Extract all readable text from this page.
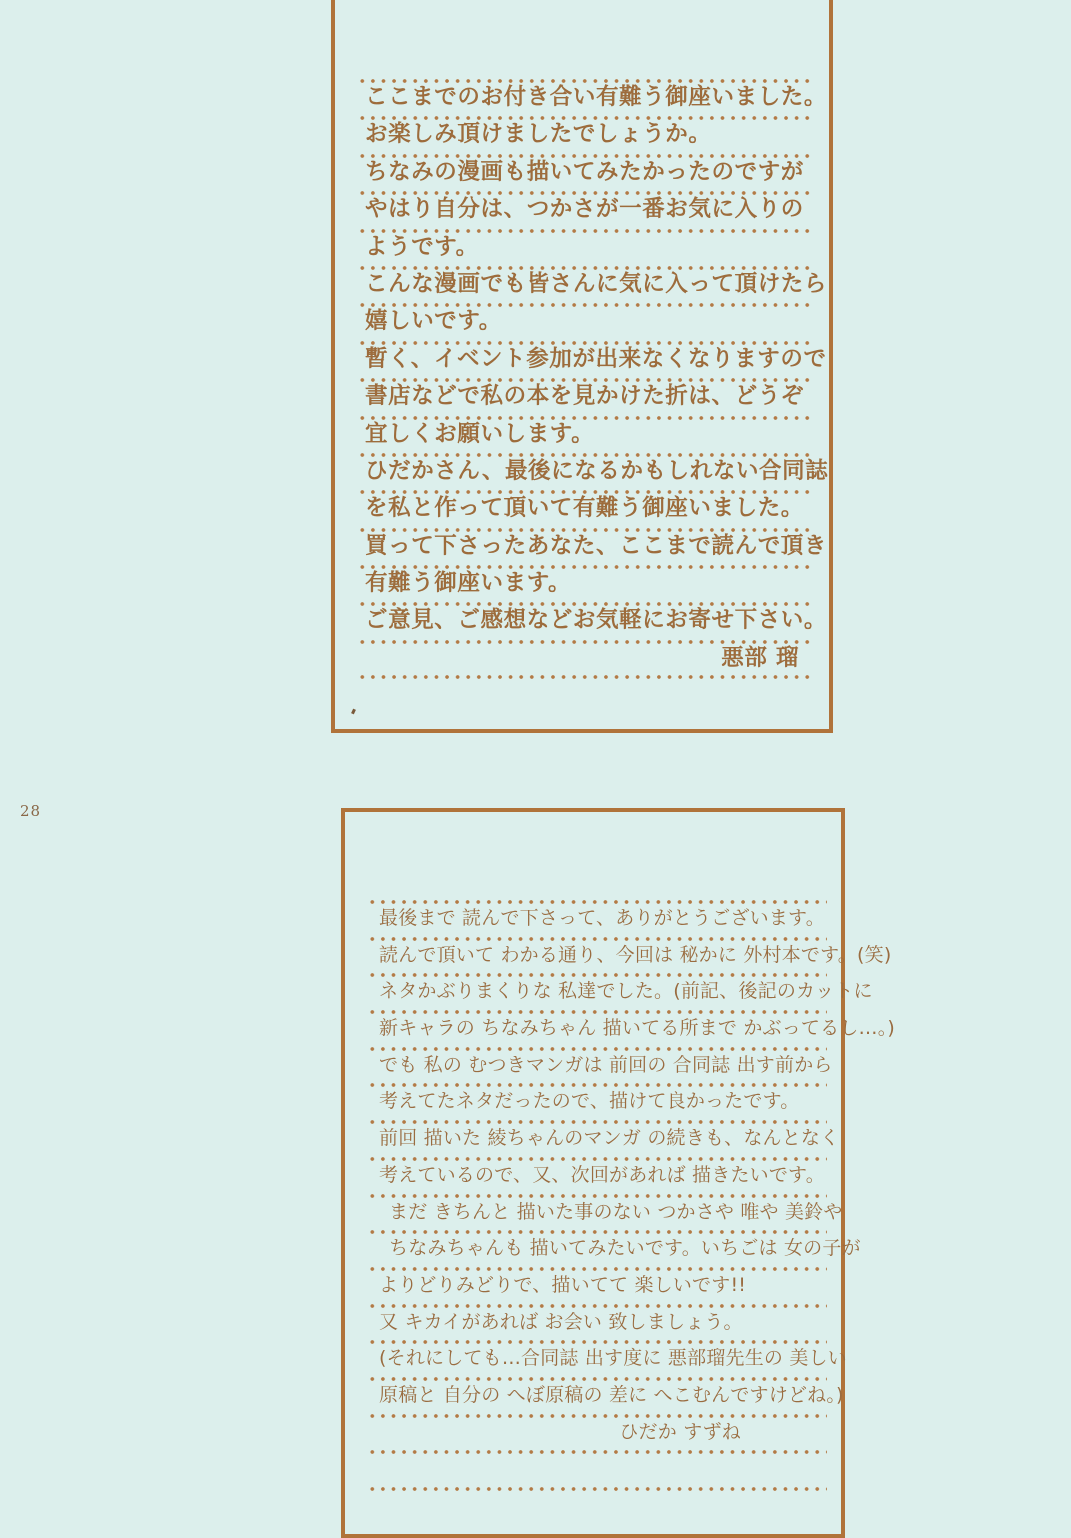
28
ここまでのお付き合い有難う御座いました。
お楽しみ頂けましたでしょうか。
ちなみの漫画も描いてみたかったのですが
やはり自分は、つかさが一番お気に入りの
ようです。
こんな漫画でも皆さんに気に入って頂けたら
嬉しいです。
暫く、イベント参加が出来なくなりますので
書店などで私の本を見かけた折は、どうぞ
宜しくお願いします。
ひだかさん、最後になるかもしれない合同誌
を私と作って頂いて有難う御座いました。
買って下さったあなた、ここまで読んで頂き
有難う御座います。
ご意見、ご感想などお気軽にお寄せ下さい。
悪部 瑠
最後まで 読んで下さって、ありがとうございます。
読んで頂いて わかる通り、今回は 秘かに 外村本です。(笑)
ネタかぶりまくりな 私達でした。(前記、後記のカットに
新キャラの ちなみちゃん 描いてる所まで かぶってるし…。)
でも 私の むつきマンガは 前回の 合同誌 出す前から
考えてたネタだったので、描けて良かったです。
前回 描いた 綾ちゃんのマンガ の続きも、なんとなく
考えているので、又、次回があれば 描きたいです。
まだ きちんと 描いた事のない つかさや 唯や 美鈴や
ちなみちゃんも 描いてみたいです。いちごは 女の子が
よりどりみどりで、描いてて 楽しいです!!
又 キカイがあれば お会い 致しましょう。
(それにしても…合同誌 出す度に 悪部瑠先生の 美しい
原稿と 自分の へぼ原稿の 差に へこむんですけどね。)
ひだか すずね
